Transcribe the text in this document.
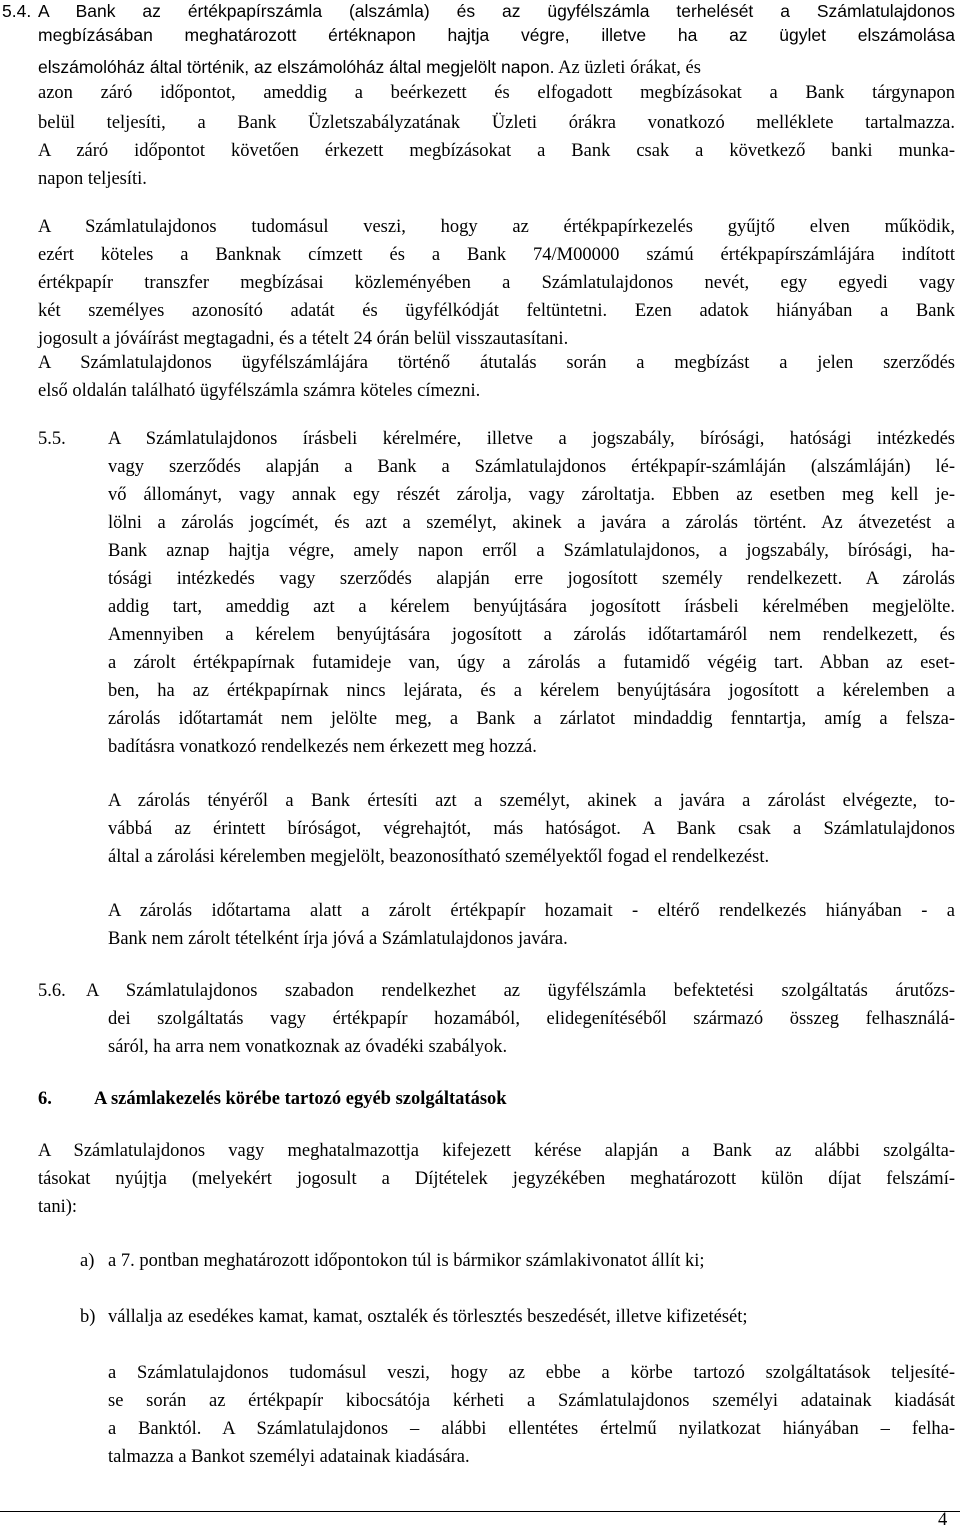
5.4. A Bank az értékpapírszámla (alszámla) és az ügyfélszámla terhelését a Számlatulajdonos
megbízásában meghatározott értéknapon hajtja végre, illetve ha az ügylet elszámolása
elszámolóház által történik, az elszámolóház által megjelölt napon. Az üzleti órákat, és
azon záró időpontot, ameddig a beérkezett és elfogadott megbízásokat a Bank tárgynapon
belül teljesíti, a Bank Üzletszabályzatának Üzleti órákra vonatkozó melléklete tartalmazza.
A záró időpontot követően érkezett megbízásokat a Bank csak a következő banki munka-
napon teljesíti.
A Számlatulajdonos tudomásul veszi, hogy az értékpapírkezelés gyűjtő elven működik,
ezért köteles a Banknak címzett és a Bank 74/M00000 számú értékpapírszámlájára indított
értékpapír transzfer megbízásai közleményében a Számlatulajdonos nevét, egy egyedi vagy
két személyes azonosító adatát és ügyfélkódját feltüntetni. Ezen adatok hiányában a Bank
jogosult a jóváírást megtagadni, és a tételt 24 órán belül visszautasítani.
A Számlatulajdonos ügyfélszámlájára történő átutalás során a megbízást a jelen szerződés
első oldalán található ügyfélszámla számra köteles címezni.
5.5. A Számlatulajdonos írásbeli kérelmére, illetve a jogszabály, bírósági, hatósági intézkedés
vagy szerződés alapján a Bank a Számlatulajdonos értékpapír-számláján (alszámláján) lé-
vő állományt, vagy annak egy részét zárolja, vagy zároltatja. Ebben az esetben meg kell je-
lölni a zárolás jogcímét, és azt a személyt, akinek a javára a zárolás történt. Az átvezetést a
Bank aznap hajtja végre, amely napon erről a Számlatulajdonos, a jogszabály, bírósági, ha-
tósági intézkedés vagy szerződés alapján erre jogosított személy rendelkezett. A zárolás
addig tart, ameddig azt a kérelem benyújtására jogosított írásbeli kérelmében megjelölte.
Amennyiben a kérelem benyújtására jogosított a zárolás időtartamáról nem rendelkezett, és
a zárolt értékpapírnak futamideje van, úgy a zárolás a futamidő végéig tart. Abban az eset-
ben, ha az értékpapírnak nincs lejárata, és a kérelem benyújtására jogosított a kérelemben a
zárolás időtartamát nem jelölte meg, a Bank a zárlatot mindaddig fenntartja, amíg a felsza-
badításra vonatkozó rendelkezés nem érkezett meg hozzá.
A zárolás tényéről a Bank értesíti azt a személyt, akinek a javára a zárolást elvégezte, to-
vábbá az érintett bíróságot, végrehajtót, más hatóságot. A Bank csak a Számlatulajdonos
által a zárolási kérelemben megjelölt, beazonosítható személyektől fogad el rendelkezést.
A zárolás időtartama alatt a zárolt értékpapír hozamait - eltérő rendelkezés hiányában - a
Bank nem zárolt tételként írja jóvá a Számlatulajdonos javára.
5.6. A Számlatulajdonos szabadon rendelkezhet az ügyfélszámla befektetési szolgáltatás árutőzs-
dei szolgáltatás vagy értékpapír hozamából, elidegenítéséből származó összeg felhasználá-
sáról, ha arra nem vonatkoznak az óvadéki szabályok.
6. A számlakezelés körébe tartozó egyéb szolgáltatások
A Számlatulajdonos vagy meghatalmazottja kifejezett kérése alapján a Bank az alábbi szolgálta-
tásokat nyújtja (melyekért jogosult a Díjtételek jegyzékében meghatározott külön díjat felszámí-
tani):
a) a 7. pontban meghatározott időpontokon túl is bármikor számlakivonatot állít ki;
b) vállalja az esedékes kamat, kamat, osztalék és törlesztés beszedését, illetve kifizetését;
a Számlatulajdonos tudomásul veszi, hogy az ebbe a körbe tartozó szolgáltatások teljesíté-
se során az értékpapír kibocsátója kérheti a Számlatulajdonos személyi adatainak kiadását
a Banktól. A Számlatulajdonos – alábbi ellentétes értelmű nyilatkozat hiányában – felha-
talmazza a Bankot személyi adatainak kiadására.
4
